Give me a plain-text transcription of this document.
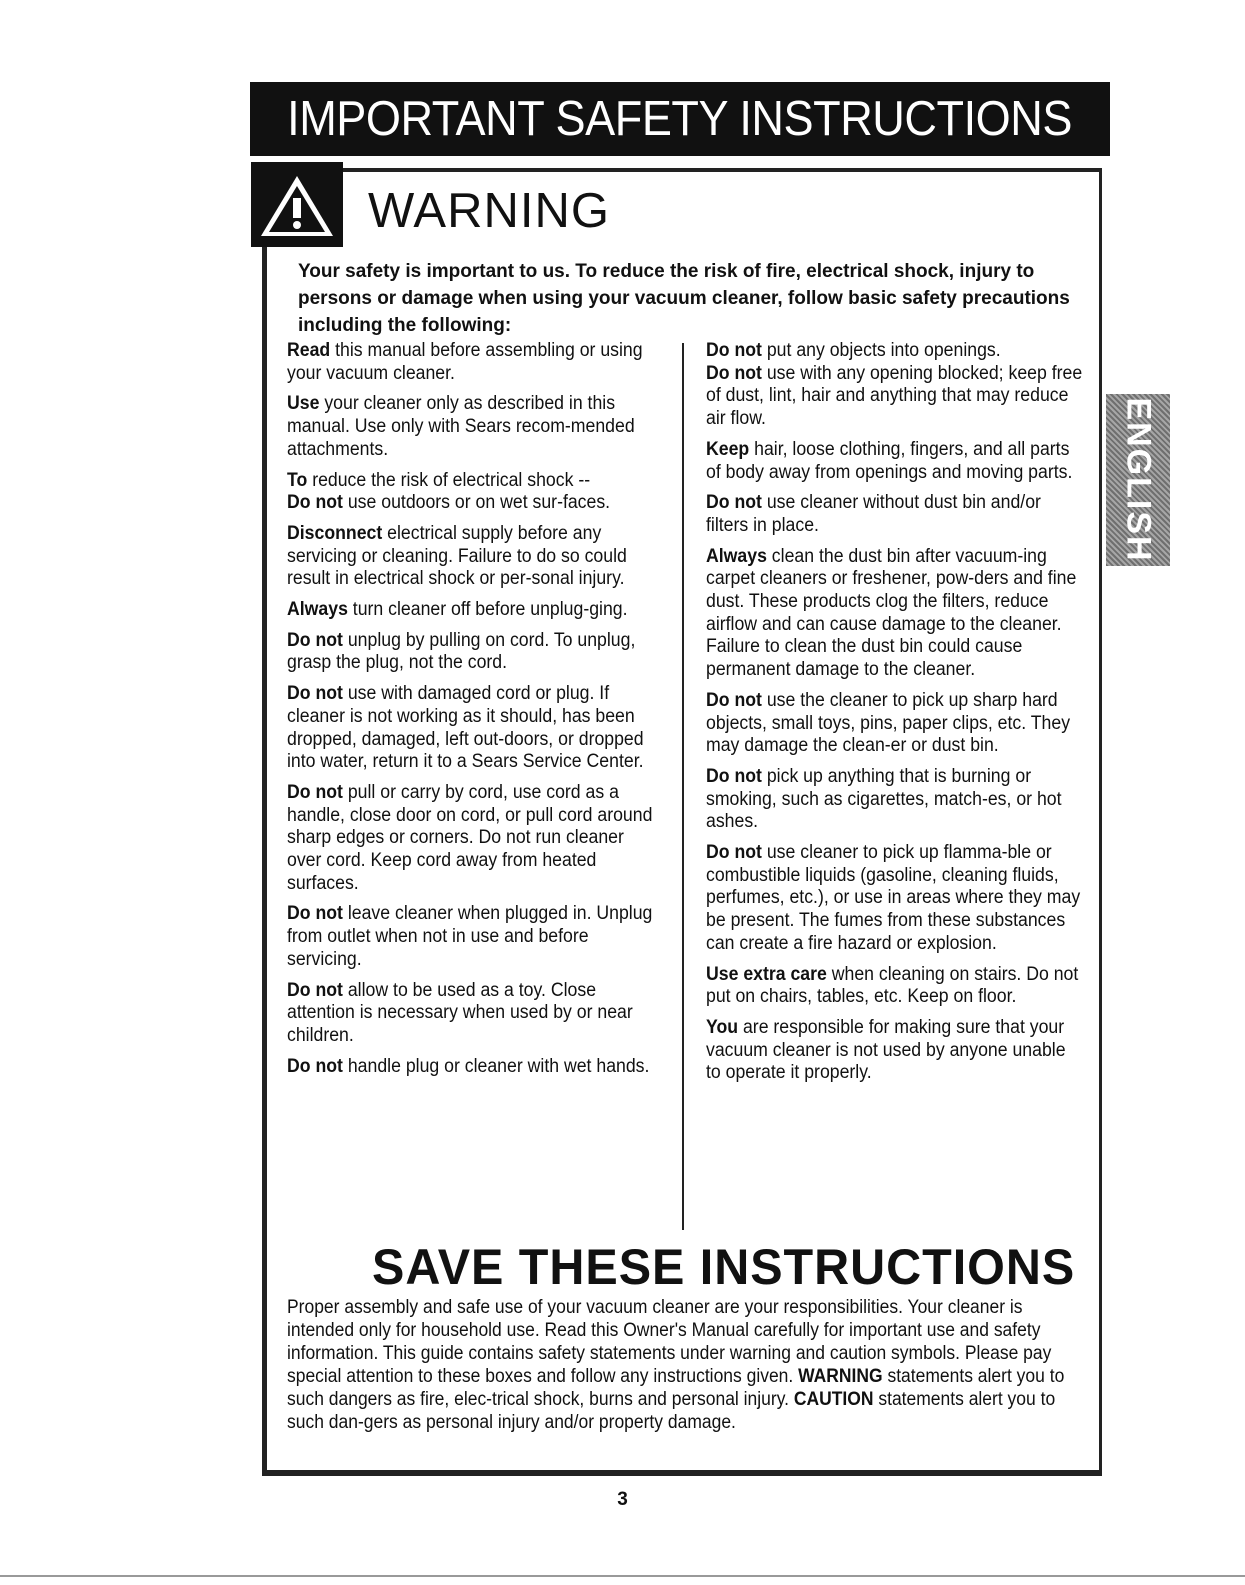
IMPORTANT SAFETY INSTRUCTIONS
WARNING

Your safety is important to us. To reduce the risk of fire, electrical shock, injury to persons or damage when using your vacuum cleaner, follow basic safety precautions including the following:

Read this manual before assembling or using your vacuum cleaner.

Use your cleaner only as described in this manual. Use only with Sears recom-mended attachments.

To reduce the risk of electrical shock --
Do not use outdoors or on wet sur-faces.

Disconnect electrical supply before any servicing or cleaning. Failure to do so could result in electrical shock or per-sonal injury.

Always turn cleaner off before unplug-ging.

Do not unplug by pulling on cord. To unplug, grasp the plug, not the cord.

Do not use with damaged cord or plug. If cleaner is not working as it should, has been dropped, damaged, left out-doors, or dropped into water, return it to a Sears Service Center.

Do not pull or carry by cord, use cord as a handle, close door on cord, or pull cord around sharp edges or corners. Do not run cleaner over cord. Keep cord away from heated surfaces.

Do not leave cleaner when plugged in. Unplug from outlet when not in use and before servicing.

Do not allow to be used as a toy. Close attention is necessary when used by or near children.

Do not handle plug or cleaner with wet hands.

Do not put any objects into openings.
Do not use with any opening blocked; keep free of dust, lint, hair and anything that may reduce air flow.

Keep hair, loose clothing, fingers, and all parts of body away from openings and moving parts.

Do not use cleaner without dust bin and/or filters in place.

Always clean the dust bin after vacuum-ing carpet cleaners or freshener, pow-ders and fine dust. These products clog the filters, reduce airflow and can cause damage to the cleaner. Failure to clean the dust bin could cause permanent damage to the cleaner.

Do not use the cleaner to pick up sharp hard objects, small toys, pins, paper clips, etc. They may damage the clean-er or dust bin.

Do not pick up anything that is burning or smoking, such as cigarettes, match-es, or hot ashes.

Do not use cleaner to pick up flamma-ble or combustible liquids (gasoline, cleaning fluids, perfumes, etc.), or use in areas where they may be present. The fumes from these substances can create a fire hazard or explosion.

Use extra care when cleaning on stairs. Do not put on chairs, tables, etc. Keep on floor.

You are responsible for making sure that your vacuum cleaner is not used by anyone unable to operate it properly.

SAVE THESE INSTRUCTIONS

Proper assembly and safe use of your vacuum cleaner are your responsibilities. Your cleaner is intended only for household use. Read this Owner's Manual carefully for important use and safety information. This guide contains safety statements under warning and caution symbols. Please pay special attention to these boxes and follow any instructions given. WARNING statements alert you to such dangers as fire, elec-trical shock, burns and personal injury. CAUTION statements alert you to such dan-gers as personal injury and/or property damage.

ENGLISH
3
